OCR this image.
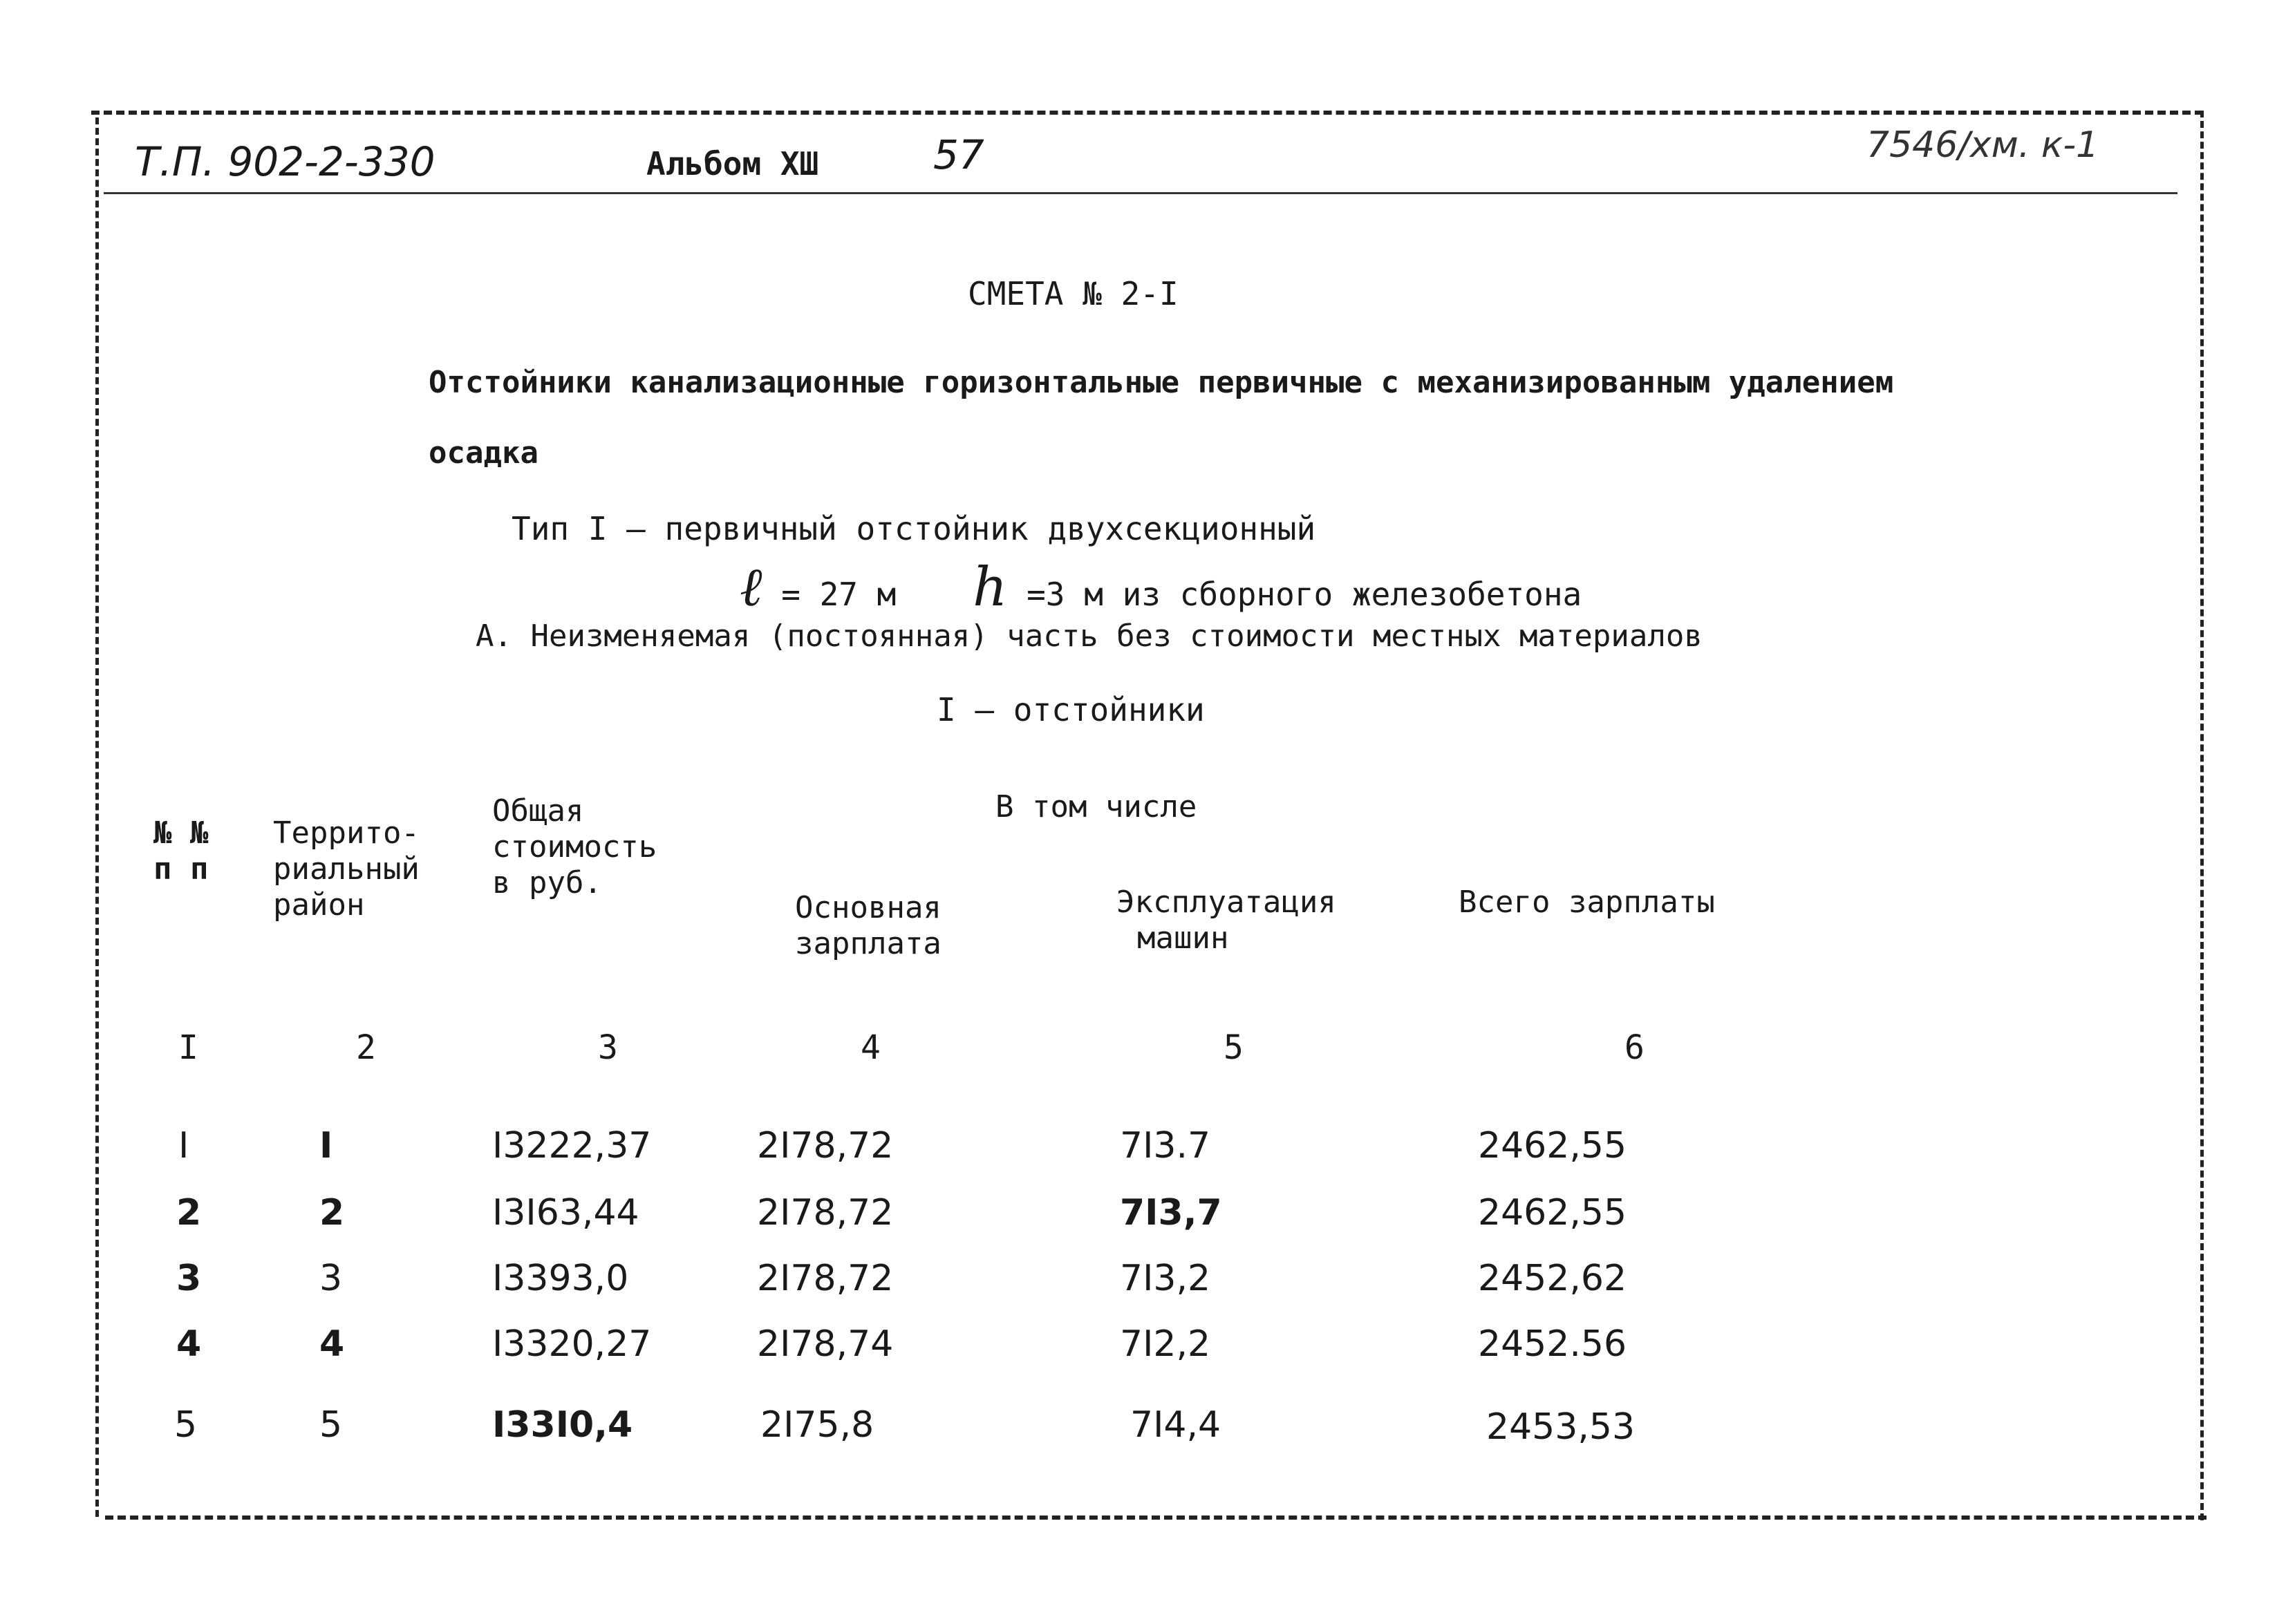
Т.П. 902-2-330	Альбом XШ	57	7546/хм. к-1
СМЕТА № 2-I
Отстойники канализационные горизонтальные первичные с механизированным удалением
осадка
Тип I – первичный отстойник двухсекционный
ℓ = 27 м h =3 м из сборного железобетона
А. Неизменяемая (постоянная) часть без стоимости местных материалов
I – отстойники
№ №
п п
Террито-
риальный
район
Общая
стоимость
в руб.
В том числе
Основная
зарплата
Эксплуатация
машин
Всего зарплаты
I	2	3	4	5	6
I	I	I3222,37	2I78,72	7I3.7	2462,55
2	2	I3I63,44	2I78,72	7I3,7	2462,55
3	3	I3393,0	2I78,72	7I3,2	2452,62
4	4	I3320,27	2I78,74	7I2,2	2452.56
5	5	I33I0,4	2I75,8	7I4,4	2453,53
